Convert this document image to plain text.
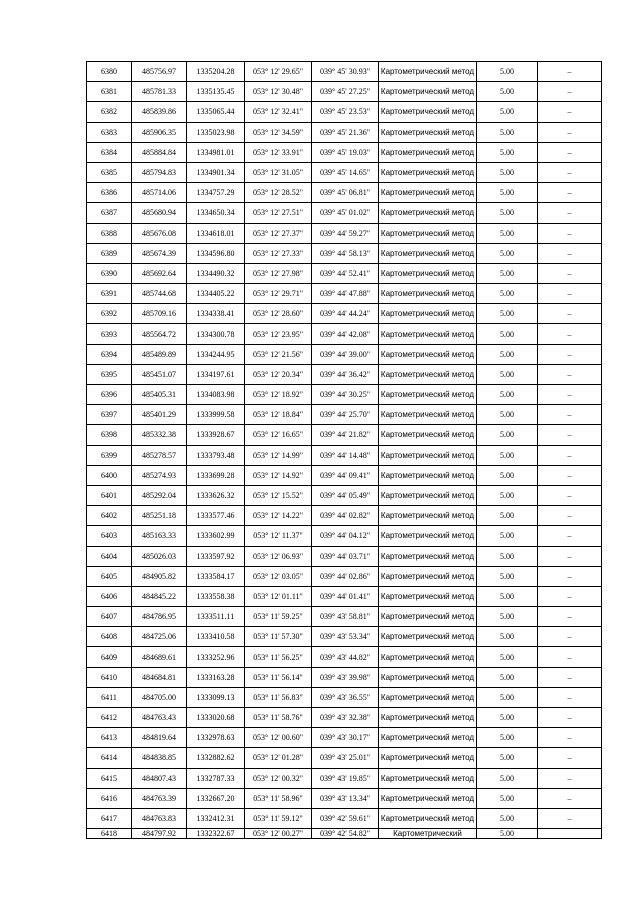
6380	485756.97	1335204.28	053° 12' 29.65"	039° 45' 30.93"	Картометрический метод	5.00	–
6381	485781.33	1335135.45	053° 12' 30.48"	039° 45' 27.25"	Картометрический метод	5.00	–
6382	485839.86	1335065.44	053° 12' 32.41"	039° 45' 23.53"	Картометрический метод	5.00	–
6383	485906.35	1335023.98	053° 12' 34.59"	039° 45' 21.36"	Картометрический метод	5.00	–
6384	485884.84	1334981.01	053° 12' 33.91"	039° 45' 19.03"	Картометрический метод	5.00	–
6385	485794.83	1334901.34	053° 12' 31.05"	039° 45' 14.65"	Картометрический метод	5.00	–
6386	485714.06	1334757.29	053° 12' 28.52"	039° 45' 06.81"	Картометрический метод	5.00	–
6387	485680.94	1334650.34	053° 12' 27.51"	039° 45' 01.02"	Картометрический метод	5.00	–
6388	485676.08	1334618.01	053° 12' 27.37"	039° 44' 59.27"	Картометрический метод	5.00	–
6389	485674.39	1334596.80	053° 12' 27.33"	039° 44' 58.13"	Картометрический метод	5.00	–
6390	485692.64	1334490.32	053° 12' 27.98"	039° 44' 52.41"	Картометрический метод	5.00	–
6391	485744.68	1334405.22	053° 12' 29.71"	039° 44' 47.88"	Картометрический метод	5.00	–
6392	485709.16	1334338.41	053° 12' 28.60"	039° 44' 44.24"	Картометрический метод	5.00	–
6393	485564.72	1334300.78	053° 12' 23.95"	039° 44' 42.08"	Картометрический метод	5.00	–
6394	485489.89	1334244.95	053° 12' 21.56"	039° 44' 39.00"	Картометрический метод	5.00	–
6395	485451.07	1334197.61	053° 12' 20.34"	039° 44' 36.42"	Картометрический метод	5.00	–
6396	485405.31	1334083.98	053° 12' 18.92"	039° 44' 30.25"	Картометрический метод	5.00	–
6397	485401.29	1333999.58	053° 12' 18.84"	039° 44' 25.70"	Картометрический метод	5.00	–
6398	485332.38	1333928.67	053° 12' 16.65"	039° 44' 21.82"	Картометрический метод	5.00	–
6399	485278.57	1333793.48	053° 12' 14.99"	039° 44' 14.48"	Картометрический метод	5.00	–
6400	485274.93	1333699.28	053° 12' 14.92"	039° 44' 09.41"	Картометрический метод	5.00	–
6401	485292.04	1333626.32	053° 12' 15.52"	039° 44' 05.49"	Картометрический метод	5.00	–
6402	485251.18	1333577.46	053° 12' 14.22"	039° 44' 02.82"	Картометрический метод	5.00	–
6403	485163.33	1333602.99	053° 12' 11.37"	039° 44' 04.12"	Картометрический метод	5.00	–
6404	485026.03	1333597.92	053° 12' 06.93"	039° 44' 03.71"	Картометрический метод	5.00	–
6405	484905.82	1333584.17	053° 12' 03.05"	039° 44' 02.86"	Картометрический метод	5.00	–
6406	484845.22	1333558.38	053° 12' 01.11"	039° 44' 01.41"	Картометрический метод	5.00	–
6407	484786.95	1333511.11	053° 11' 59.25"	039° 43' 58.81"	Картометрический метод	5.00	–
6408	484725.06	1333410.58	053° 11' 57.30"	039° 43' 53.34"	Картометрический метод	5.00	–
6409	484689.61	1333252.96	053° 11' 56.25"	039° 43' 44.82"	Картометрический метод	5.00	–
6410	484684.81	1333163.28	053° 11' 56.14"	039° 43' 39.98"	Картометрический метод	5.00	–
6411	484705.00	1333099.13	053° 11' 56.83"	039° 43' 36.55"	Картометрический метод	5.00	–
6412	484763.43	1333020.68	053° 11' 58.76"	039° 43' 32.38"	Картометрический метод	5.00	–
6413	484819.64	1332978.63	053° 12' 00.60"	039° 43' 30.17"	Картометрический метод	5.00	–
6414	484838.85	1332882.62	053° 12' 01.28"	039° 43' 25.01"	Картометрический метод	5.00	–
6415	484807.43	1332787.33	053° 12' 00.32"	039° 43' 19.85"	Картометрический метод	5.00	–
6416	484763.39	1332667.20	053° 11' 58.96"	039° 43' 13.34"	Картометрический метод	5.00	–
6417	484763.83	1332412.31	053° 11' 59.12"	039° 42' 59.61"	Картометрический метод	5.00	–
6418	484797.92	1332322.67	053° 12' 00.27"	039° 42' 54.82"	Картометрический	5.00	
